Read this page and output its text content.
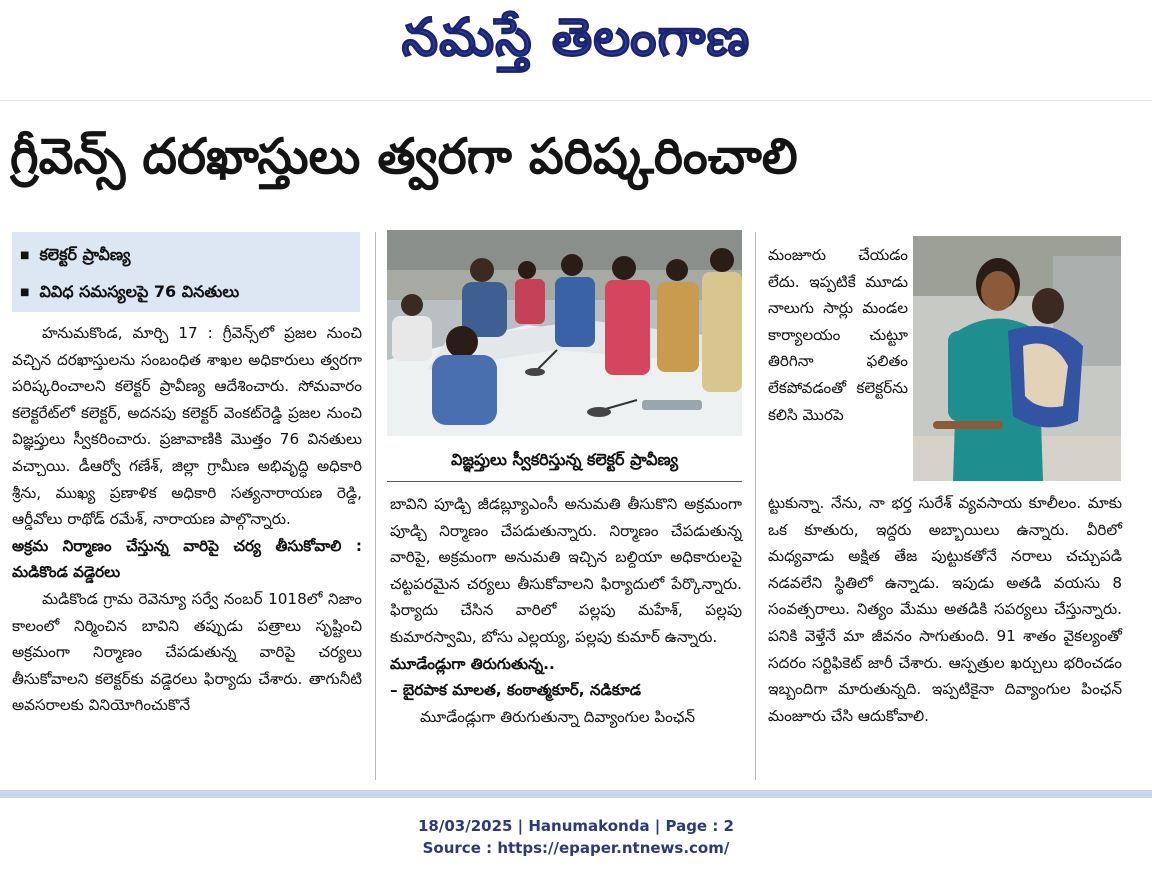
నమస్తే తెలంగాణ
గ్రీవెన్స్ దరఖాస్తులు త్వరగా పరిష్కరించాలి
■ కలెక్టర్ ప్రావీణ్య
■ వివిధ సమస్యలపై 76 వినతులు

హనుమకొండ, మార్చి 17 : గ్రీవెన్స్‌లో ప్రజల నుంచి వచ్చిన దరఖాస్తులను సంబంధిత శాఖల అధికారులు త్వరగా పరిష్కరించాలని కలెక్టర్ ప్రావీణ్య ఆదేశించారు. సోమవారం కలెక్టరేట్‌లో కలెక్టర్, అదనపు కలెక్టర్ వెంకట్‌రెడ్డి ప్రజల నుంచి విజ్ఞప్తులు స్వీకరించారు. ప్రజావాణికి మొత్తం 76 వినతులు వచ్చాయి. డీఆర్వో గణేశ్, జిల్లా గ్రామీణ అభివృద్ధి అధికారి శ్రీను, ముఖ్య ప్రణాళిక అధికారి సత్యనారాయణ రెడ్డి, ఆర్డీవోలు రాథోడ్ రమేశ్, నారాయణ పాల్గొన్నారు.

అక్రమ నిర్మాణం చేస్తున్న వారిపై చర్య తీసుకోవాలి : మడికొండ వడ్డెరలు

మడికొండ గ్రామ రెవెన్యూ సర్వే నంబర్ 1018లో నిజాం కాలంలో నిర్మించిన బావిని తప్పుడు పత్రాలు సృష్టించి అక్రమంగా నిర్మాణం చేపడుతున్న వారిపై చర్యలు తీసుకోవాలని కలెక్టర్‌కు వడ్డెరలు ఫిర్యాదు చేశారు. తాగునీటి అవసరాలకు వినియోగించుకొనే

విజ్ఞప్తులు స్వీకరిస్తున్న కలెక్టర్ ప్రావీణ్య

బావిని పూడ్చి జీడబ్ల్యూఎంసీ అనుమతి తీసుకొని అక్రమంగా పూడ్చి నిర్మాణం చేపడుతున్నారు. నిర్మాణం చేపడుతున్న వారిపై, అక్రమంగా అనుమతి ఇచ్చిన బల్దియా అధికారులపై చట్టపరమైన చర్యలు తీసుకోవాలని ఫిర్యాదులో పేర్కొన్నారు. ఫిర్యాదు చేసిన వారిలో పల్లపు మహేశ్, పల్లపు కుమారస్వామి, బోసు ఎల్లయ్య, పల్లపు కుమార్ ఉన్నారు.

మూడేండ్లుగా తిరుగుతున్న..

– బైరపాక మాలత, కంఠాత్మకూర్, నడికూడ

మూడేండ్లుగా తిరుగుతున్నా దివ్యాంగుల పింఛన్

మంజూరు చేయడం లేదు. ఇప్పటికే మూడు నాలుగు సార్లు మండల కార్యాలయం చుట్టూ తిరిగినా ఫలితం లేకపోవడంతో కలెక్టర్‌ను కలిసి మొరపె

ట్టుకున్నా. నేను, నా భర్త సురేశ్ వ్యవసాయ కూలీలం. మాకు ఒక కూతురు, ఇద్దరు అబ్బాయిలు ఉన్నారు. వీరిలో మధ్యవాడు అక్షిత తేజ పుట్టుకతోనే నరాలు చచ్చుపడి నడవలేని స్థితిలో ఉన్నాడు. ఇపుడు అతడి వయసు 8 సంవత్సరాలు. నిత్యం మేము అతడికి సపర్యలు చేస్తున్నారు. పనికి వెళ్తేనే మా జీవనం సాగుతుంది. 91 శాతం వైకల్యంతో సదరం సర్టిఫికెట్ జారీ చేశారు. ఆస్పత్రుల ఖర్చులు భరించడం ఇబ్బందిగా మారుతున్నది. ఇప్పటికైనా దివ్యాంగుల పింఛన్ మంజూరు చేసి ఆదుకోవాలి.

18/03/2025 | Hanumakonda | Page : 2
Source : https://epaper.ntnews.com/
